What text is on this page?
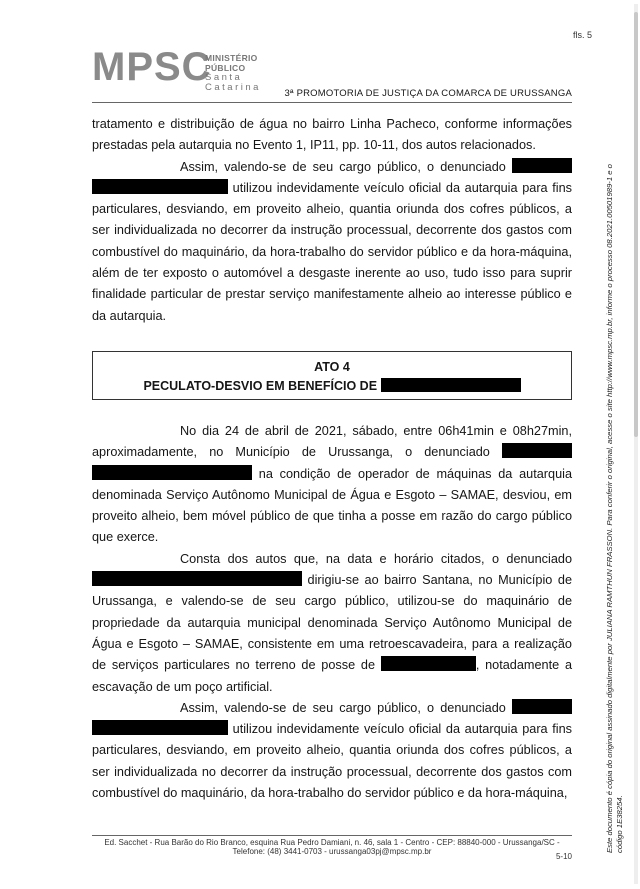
fls. 5
MPSC
MINISTÉRIO PÚBLICO
Santa Catarina
3ª PROMOTORIA DE JUSTIÇA DA COMARCA DE URUSSANGA

tratamento e distribuição de água no bairro Linha Pacheco, conforme informações prestadas pela autarquia no Evento 1, IP11, pp. 10-11, dos autos relacionados.

Assim, valendo-se de seu cargo público, o denunciado   utilizou indevidamente veículo oficial da autarquia para fins particulares, desviando, em proveito alheio, quantia oriunda dos cofres públicos, a ser individualizada no decorrer da instrução processual, decorrente dos gastos com combustível do maquinário, da hora-trabalho do servidor público e da hora-máquina, além de ter exposto o automóvel a desgaste inerente ao uso, tudo isso para suprir finalidade particular de prestar serviço manifestamente alheio ao interesse público e da autarquia.

ATO 4
PECULATO-DESVIO EM BENEFÍCIO DE

No dia 24 de abril de 2021, sábado, entre 06h41min e 08h27min, aproximadamente, no Município de Urussanga, o denunciado   na condição de operador de máquinas da autarquia denominada Serviço Autônomo Municipal de Água e Esgoto – SAMAE, desviou, em proveito alheio, bem móvel público de que tinha a posse em razão do cargo público que exerce.

Consta dos autos que, na data e horário citados, o denunciado  dirigiu-se ao bairro Santana, no Município de Urussanga, e valendo-se de seu cargo público, utilizou-se do maquinário de propriedade da autarquia municipal denominada Serviço Autônomo Municipal de Água e Esgoto – SAMAE, consistente em uma retroescavadeira, para a realização de serviços particulares no terreno de posse de	, notadamente a escavação de um poço artificial.

Assim, valendo-se de seu cargo público, o denunciado   utilizou indevidamente veículo oficial da autarquia para fins particulares, desviando, em proveito alheio, quantia oriunda dos cofres públicos, a ser individualizada no decorrer da instrução processual, decorrente dos gastos com combustível do maquinário, da hora-trabalho do servidor público e da hora-máquina,

Ed. Sacchet - Rua Barão do Rio Branco, esquina Rua Pedro Damiani, n. 46, sala 1 - Centro - CEP: 88840-000 - Urussanga/SC -
Telefone: (48) 3441-0703 - urussanga03pj@mpsc.mp.br
5-10
Este documento é cópia do original assinado digitalmente por JULIANA RAMTHUN FRASSON. Para conferir o original, acesse o site http://www.mpsc.mp.br, informe o processo 08.2021.00501989-1 e o código 1E38254.
